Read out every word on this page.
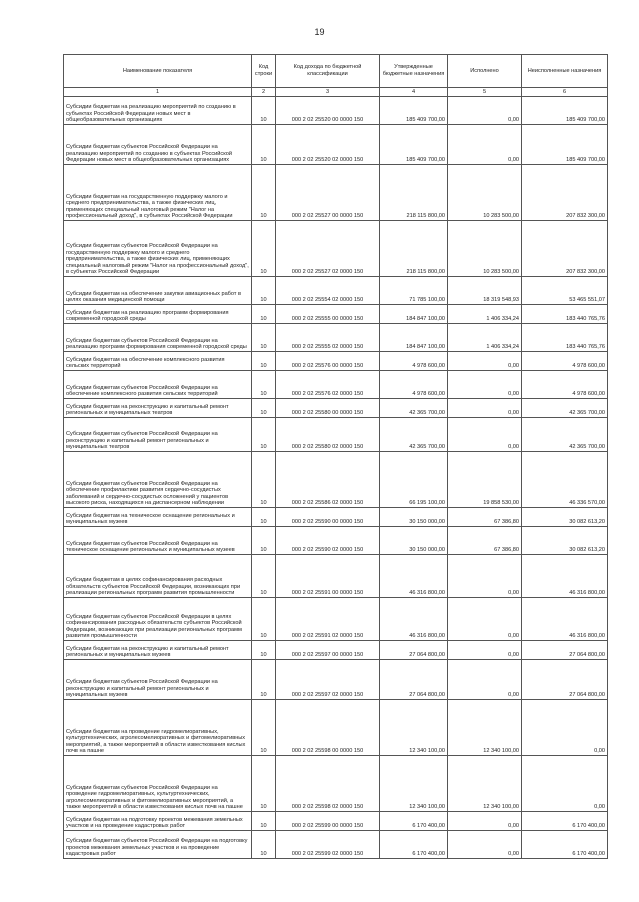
19
Наименование показателя	Код строки	Код дохода по бюджетной классификации	Утвержденные бюджетные назначения	Исполнено	Неисполненные назначения
1	2	3	4	5	6
Субсидии бюджетам на реализацию мероприятий по созданию в субъектах Российской Федерации новых мест в общеобразовательных организациях	10	000 2 02 25520 00 0000 150	185 409 700,00	0,00	185 409 700,00
Субсидии бюджетам субъектов Российской Федерации на реализацию мероприятий по созданию в субъектах Российской Федерации новых мест в общеобразовательных организациях	10	000 2 02 25520 02 0000 150	185 409 700,00	0,00	185 409 700,00
Субсидии бюджетам на государственную поддержку малого и среднего предпринимательства, а также физических лиц, применяющих специальный налоговый режим "Налог на профессиональный доход", в субъектах Российской Федерации	10	000 2 02 25527 00 0000 150	218 115 800,00	10 283 500,00	207 832 300,00
Субсидии бюджетам субъектов Российской Федерации на государственную поддержку малого и среднего предпринимательства, а также физических лиц, применяющих специальный налоговый режим "Налог на профессиональный доход", в субъектах Российской Федерации	10	000 2 02 25527 02 0000 150	218 115 800,00	10 283 500,00	207 832 300,00
Субсидии бюджетам на обеспечение закупки авиационных работ в целях оказания медицинской помощи	10	000 2 02 25554 02 0000 150	71 785 100,00	18 319 548,93	53 465 551,07
Субсидии бюджетам на реализацию программ формирования современной городской среды	10	000 2 02 25555 00 0000 150	184 847 100,00	1 406 334,24	183 440 765,76
Субсидии бюджетам субъектов Российской Федерации на реализацию программ формирования современной городской среды	10	000 2 02 25555 02 0000 150	184 847 100,00	1 406 334,24	183 440 765,76
Субсидии бюджетам на обеспечение комплексного развития сельских территорий	10	000 2 02 25576 00 0000 150	4 978 600,00	0,00	4 978 600,00
Субсидии бюджетам субъектов Российской Федерации на обеспечение комплексного развития сельских территорий	10	000 2 02 25576 02 0000 150	4 978 600,00	0,00	4 978 600,00
Субсидии бюджетам на реконструкцию и капитальный ремонт региональных и муниципальных театров	10	000 2 02 25580 00 0000 150	42 365 700,00	0,00	42 365 700,00
Субсидии бюджетам субъектов Российской Федерации на реконструкцию и капитальный ремонт региональных и муниципальных театров	10	000 2 02 25580 02 0000 150	42 365 700,00	0,00	42 365 700,00
Субсидии бюджетам субъектов Российской Федерации на обеспечение профилактики развития сердечно-сосудистых заболеваний и сердечно-сосудистых осложнений у пациентов высокого риска, находящихся на диспансерном наблюдении	10	000 2 02 25586 02 0000 150	66 195 100,00	19 858 530,00	46 336 570,00
Субсидии бюджетам на техническое оснащение региональных и муниципальных музеев	10	000 2 02 25590 00 0000 150	30 150 000,00	67 386,80	30 082 613,20
Субсидии бюджетам субъектов Российской Федерации на техническое оснащение региональных и муниципальных музеев	10	000 2 02 25590 02 0000 150	30 150 000,00	67 386,80	30 082 613,20
Субсидии бюджетам в целях софинансирования расходных обязательств субъектов Российской Федерации, возникающих при реализации региональных программ развития промышленности	10	000 2 02 25591 00 0000 150	46 316 800,00	0,00	46 316 800,00
Субсидии бюджетам субъектов Российской Федерации в целях софинансирования расходных обязательств субъектов Российской Федерации, возникающих при реализации региональных программ развития промышленности	10	000 2 02 25591 02 0000 150	46 316 800,00	0,00	46 316 800,00
Субсидии бюджетам на реконструкцию и капитальный ремонт региональных и муниципальных музеев	10	000 2 02 25597 00 0000 150	27 064 800,00	0,00	27 064 800,00
Субсидии бюджетам субъектов Российской Федерации на реконструкцию и капитальный ремонт региональных и муниципальных музеев	10	000 2 02 25597 02 0000 150	27 064 800,00	0,00	27 064 800,00
Субсидии бюджетам на проведение гидромелиоративных, культуртехнических, агролесомелиоративных и фитомелиоративных мероприятий, а также мероприятий в области известкования кислых почв на пашне	10	000 2 02 25598 00 0000 150	12 340 100,00	12 340 100,00	0,00
Субсидии бюджетам субъектов Российской Федерации на проведение гидромелиоративных, культуртехнических, агролесомелиоративных и фитомелиоративных мероприятий, а также мероприятий в области известкования кислых почв на пашне	10	000 2 02 25598 02 0000 150	12 340 100,00	12 340 100,00	0,00
Субсидии бюджетам на подготовку проектов межевания земельных участков и на проведение кадастровых работ	10	000 2 02 25599 00 0000 150	6 170 400,00	0,00	6 170 400,00
Субсидии бюджетам субъектов Российской Федерации на подготовку проектов межевания земельных участков и на проведение кадастровых работ	10	000 2 02 25599 02 0000 150	6 170 400,00	0,00	6 170 400,00
